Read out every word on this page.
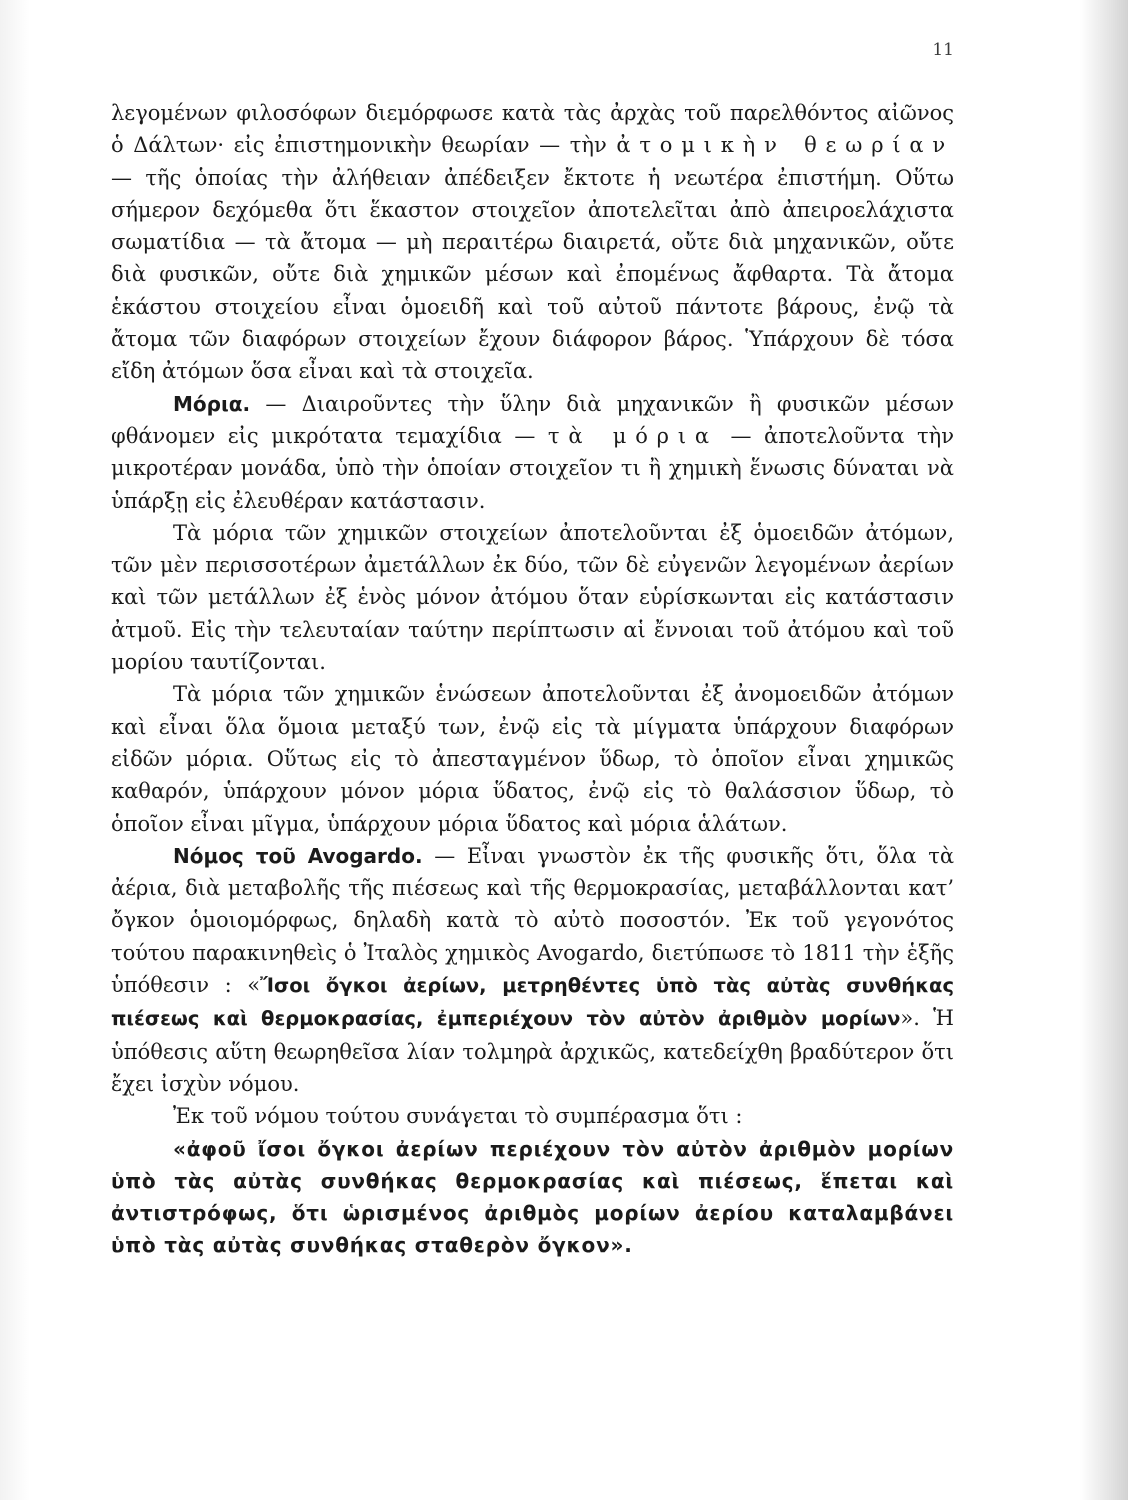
11

λεγομένων φιλοσόφων διεμόρφωσε κατὰ τὰς ἀρχὰς τοῦ παρελθόντος αἰῶνος ὁ Δάλτων· εἰς ἐπιστημονικὴν θεωρίαν — τὴν ἀτομικὴν θεωρίαν — τῆς ὁποίας τὴν ἀλήθειαν ἀπέδειξεν ἔκτοτε ἡ νεωτέρα ἐπιστήμη. Οὕτω σήμερον δεχόμεθα ὅτι ἕκαστον στοιχεῖον ἀποτελεῖται ἀπὸ ἀπειροελάχιστα σωματίδια — τὰ ἄτομα — μὴ περαιτέρω διαιρετά, οὔτε διὰ μηχανικῶν, οὔτε διὰ φυσικῶν, οὔτε διὰ χημικῶν μέσων καὶ ἐπομένως ἄφθαρτα. Τὰ ἄτομα ἑκάστου στοιχείου εἶναι ὁμοειδῆ καὶ τοῦ αὐτοῦ πάντοτε βάρους, ἐνῷ τὰ ἄτομα τῶν διαφόρων στοιχείων ἔχουν διάφορον βάρος. Ὑπάρχουν δὲ τόσα εἴδη ἀτόμων ὅσα εἶναι καὶ τὰ στοιχεῖα.

Μόρια. — Διαιροῦντες τὴν ὕλην διὰ μηχανικῶν ἢ φυσικῶν μέσων φθάνομεν εἰς μικρότατα τεμαχίδια — τὰ μόρια — ἀποτελοῦντα τὴν μικροτέραν μονάδα, ὑπὸ τὴν ὁποίαν στοιχεῖον τι ἢ χημικὴ ἕνωσις δύναται νὰ ὑπάρξῃ εἰς ἐλευθέραν κατάστασιν.

Τὰ μόρια τῶν χημικῶν στοιχείων ἀποτελοῦνται ἐξ ὁμοειδῶν ἀτόμων, τῶν μὲν περισσοτέρων ἀμετάλλων ἐκ δύο, τῶν δὲ εὐγενῶν λεγομένων ἀερίων καὶ τῶν μετάλλων ἐξ ἑνὸς μόνον ἀτόμου ὅταν εὑρίσκωνται εἰς κατάστασιν ἀτμοῦ. Εἰς τὴν τελευταίαν ταύτην περίπτωσιν αἱ ἔννοιαι τοῦ ἀτόμου καὶ τοῦ μορίου ταυτίζονται.

Τὰ μόρια τῶν χημικῶν ἑνώσεων ἀποτελοῦνται ἐξ ἀνομοειδῶν ἀτόμων καὶ εἶναι ὅλα ὅμοια μεταξύ των, ἐνῷ εἰς τὰ μίγματα ὑπάρχουν διαφόρων εἰδῶν μόρια. Οὕτως εἰς τὸ ἀπεσταγμένον ὕδωρ, τὸ ὁποῖον εἶναι χημικῶς καθαρόν, ὑπάρχουν μόνον μόρια ὕδατος, ἐνῷ εἰς τὸ θαλάσσιον ὕδωρ, τὸ ὁποῖον εἶναι μῖγμα, ὑπάρχουν μόρια ὕδατος καὶ μόρια ἁλάτων.

Νόμος τοῦ Avogardo. — Εἶναι γνωστὸν ἐκ τῆς φυσικῆς ὅτι, ὅλα τὰ ἀέρια, διὰ μεταβολῆς τῆς πιέσεως καὶ τῆς θερμοκρασίας, μεταβάλλονται κατ’ ὄγκον ὁμοιομόρφως, δηλαδὴ κατὰ τὸ αὐτὸ ποσοστόν. Ἐκ τοῦ γεγονότος τούτου παρακινηθεὶς ὁ Ἰταλὸς χημικὸς Avogardo, διετύπωσε τὸ 1811 τὴν ἑξῆς ὑπόθεσιν : «Ἴσοι ὄγκοι ἀερίων, μετρηθέντες ὑπὸ τὰς αὐτὰς συνθήκας πιέσεως καὶ θερμοκρασίας, ἐμπεριέχουν τὸν αὐτὸν ἀριθμὸν μορίων». Ἡ ὑπόθεσις αὕτη θεωρηθεῖσα λίαν τολμηρὰ ἀρχικῶς, κατεδείχθη βραδύτερον ὅτι ἔχει ἰσχὺν νόμου.

Ἐκ τοῦ νόμου τούτου συνάγεται τὸ συμπέρασμα ὅτι :

«ἀφοῦ ἴσοι ὄγκοι ἀερίων περιέχουν τὸν αὐτὸν ἀριθμὸν μορίων ὑπὸ τὰς αὐτὰς συνθήκας θερμοκρασίας καὶ πιέσεως, ἕπεται καὶ ἀντιστρόφως, ὅτι ὡρισμένος ἀριθμὸς μορίων ἀερίου καταλαμβάνει ὑπὸ τὰς αὐτὰς συνθήκας σταθερὸν ὄγκον».
